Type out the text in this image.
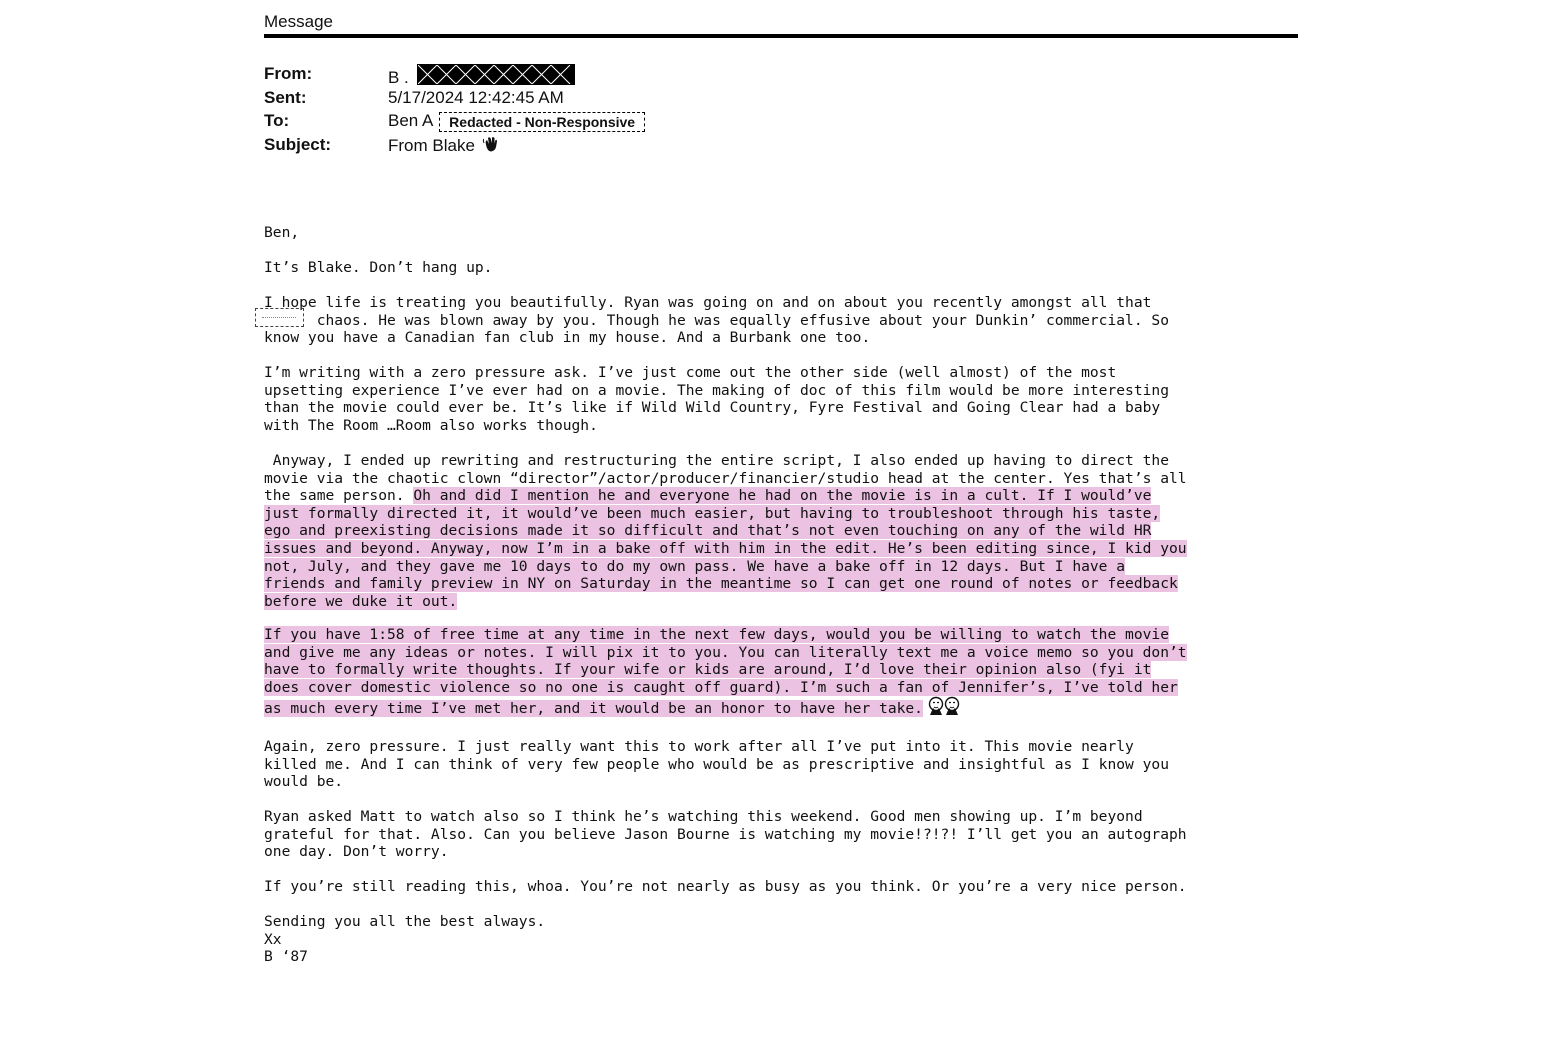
Message
From:	B .
Sent:	5/17/2024 12:42:45 AM
To:	Ben A Redacted - Non-Responsive
Subject:	From Blake
Ben,
It’s Blake. Don’t hang up.
I hope life is treating you beautifully. Ryan was going on and on about you recently amongst all that
chaos. He was blown away by you. Though he was equally effusive about your Dunkin’ commercial. So
know you have a Canadian fan club in my house. And a Burbank one too.
I’m writing with a zero pressure ask. I’ve just come out the other side (well almost) of the most
upsetting experience I’ve ever had on a movie. The making of doc of this film would be more interesting
than the movie could ever be. It’s like if Wild Wild Country, Fyre Festival and Going Clear had a baby
with The Room …Room also works though.
Anyway, I ended up rewriting and restructuring the entire script, I also ended up having to direct the
movie via the chaotic clown “director”/actor/producer/financier/studio head at the center. Yes that’s all
the same person. Oh and did I mention he and everyone he had on the movie is in a cult. If I would’ve
just formally directed it, it would’ve been much easier, but having to troubleshoot through his taste,
ego and preexisting decisions made it so difficult and that’s not even touching on any of the wild HR
issues and beyond. Anyway, now I’m in a bake off with him in the edit. He’s been editing since, I kid you
not, July, and they gave me 10 days to do my own pass. We have a bake off in 12 days. But I have a
friends and family preview in NY on Saturday in the meantime so I can get one round of notes or feedback
before we duke it out.
If you have 1:58 of free time at any time in the next few days, would you be willing to watch the movie
and give me any ideas or notes. I will pix it to you. You can literally text me a voice memo so you don’t
have to formally write thoughts. If your wife or kids are around, I’d love their opinion also (fyi it
does cover domestic violence so no one is caught off guard). I’m such a fan of Jennifer’s, I’ve told her
as much every time I’ve met her, and it would be an honor to have her take.
Again, zero pressure. I just really want this to work after all I’ve put into it. This movie nearly
killed me. And I can think of very few people who would be as prescriptive and insightful as I know you
would be.
Ryan asked Matt to watch also so I think he’s watching this weekend. Good men showing up. I’m beyond
grateful for that. Also. Can you believe Jason Bourne is watching my movie!?!?! I’ll get you an autograph
one day. Don’t worry.
If you’re still reading this, whoa. You’re not nearly as busy as you think. Or you’re a very nice person.
Sending you all the best always.
Xx
B ‘87
